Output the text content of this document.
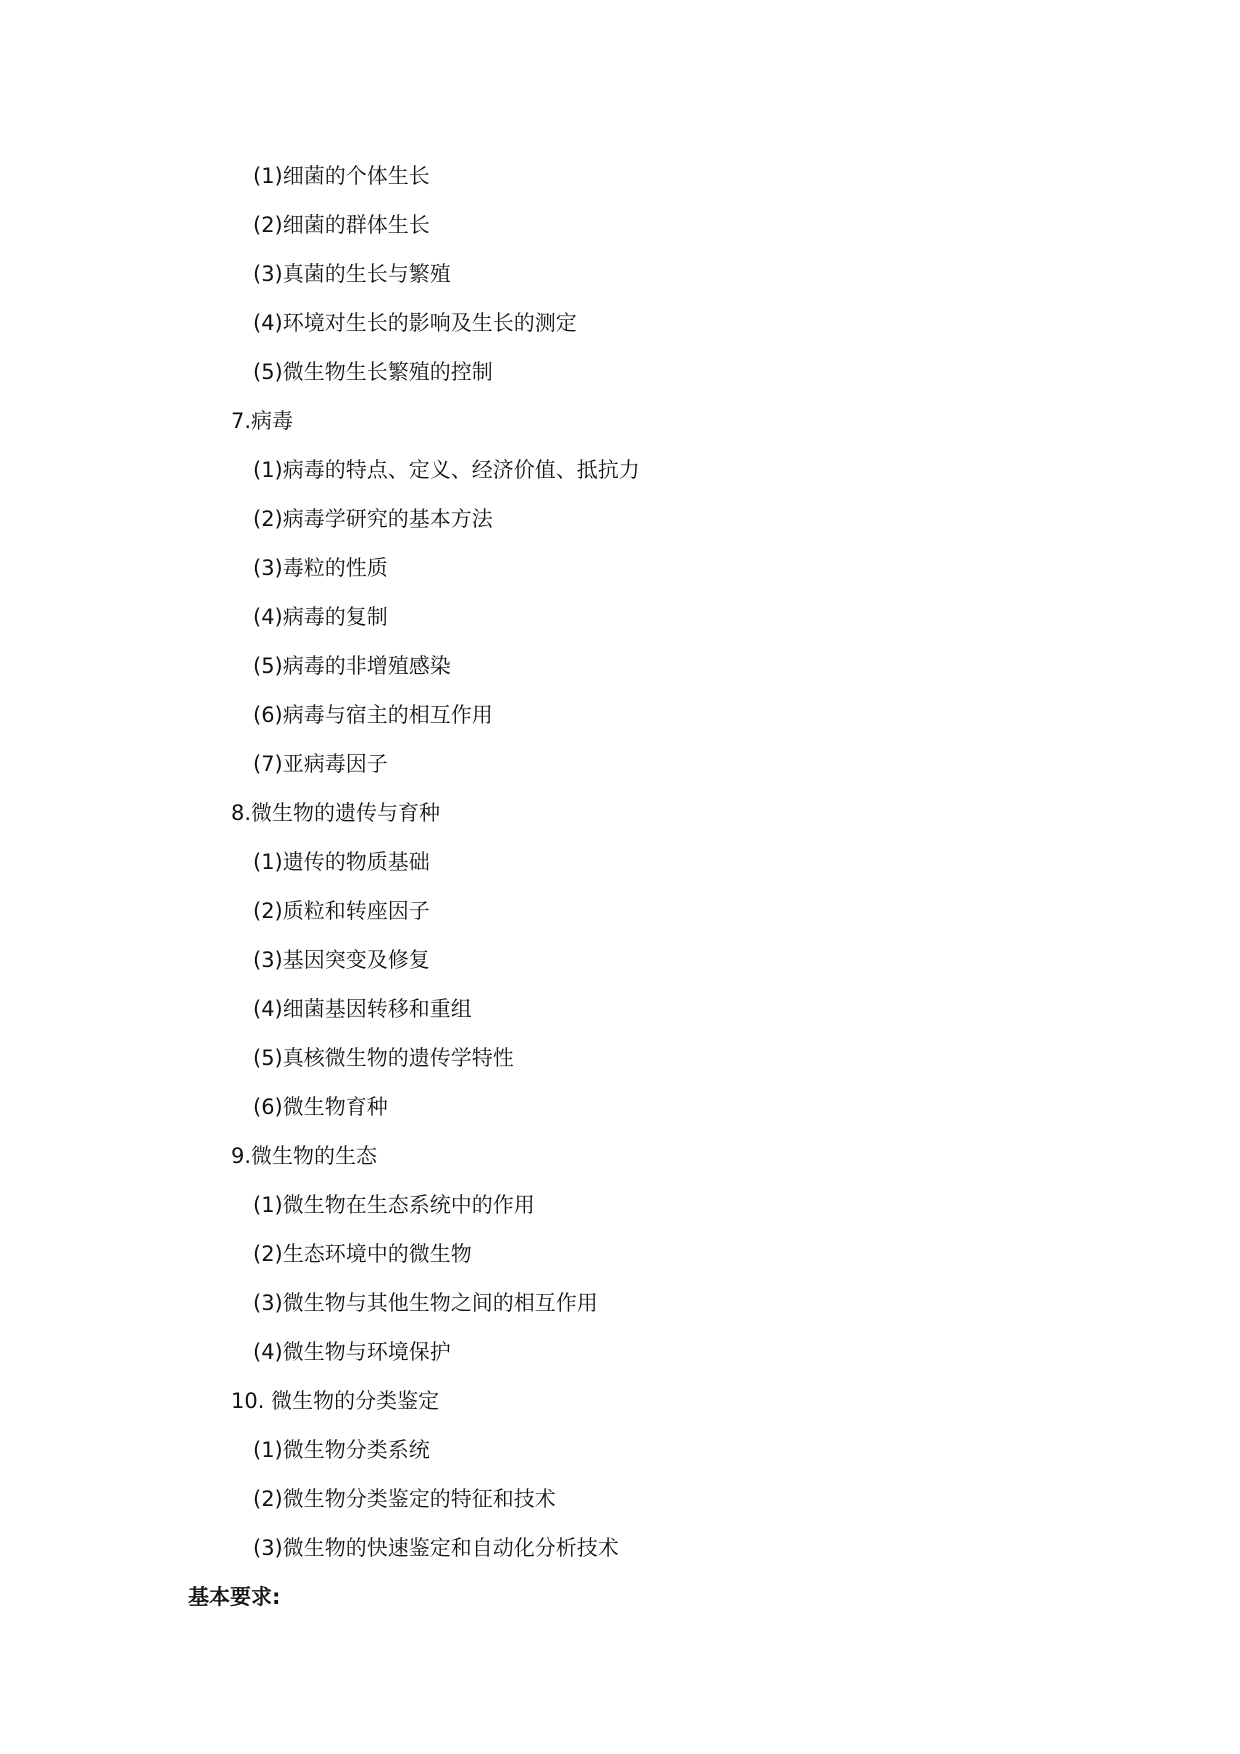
(1)细菌的个体生长
(2)细菌的群体生长
(3)真菌的生长与繁殖
(4)环境对生长的影响及生长的测定
(5)微生物生长繁殖的控制
7.病毒
(1)病毒的特点、定义、经济价值、抵抗力
(2)病毒学研究的基本方法
(3)毒粒的性质
(4)病毒的复制
(5)病毒的非增殖感染
(6)病毒与宿主的相互作用
(7)亚病毒因子
8.微生物的遗传与育种
(1)遗传的物质基础
(2)质粒和转座因子
(3)基因突变及修复
(4)细菌基因转移和重组
(5)真核微生物的遗传学特性
(6)微生物育种
9.微生物的生态
(1)微生物在生态系统中的作用
(2)生态环境中的微生物
(3)微生物与其他生物之间的相互作用
(4)微生物与环境保护
10. 微生物的分类鉴定
(1)微生物分类系统
(2)微生物分类鉴定的特征和技术
(3)微生物的快速鉴定和自动化分析技术
基本要求:
